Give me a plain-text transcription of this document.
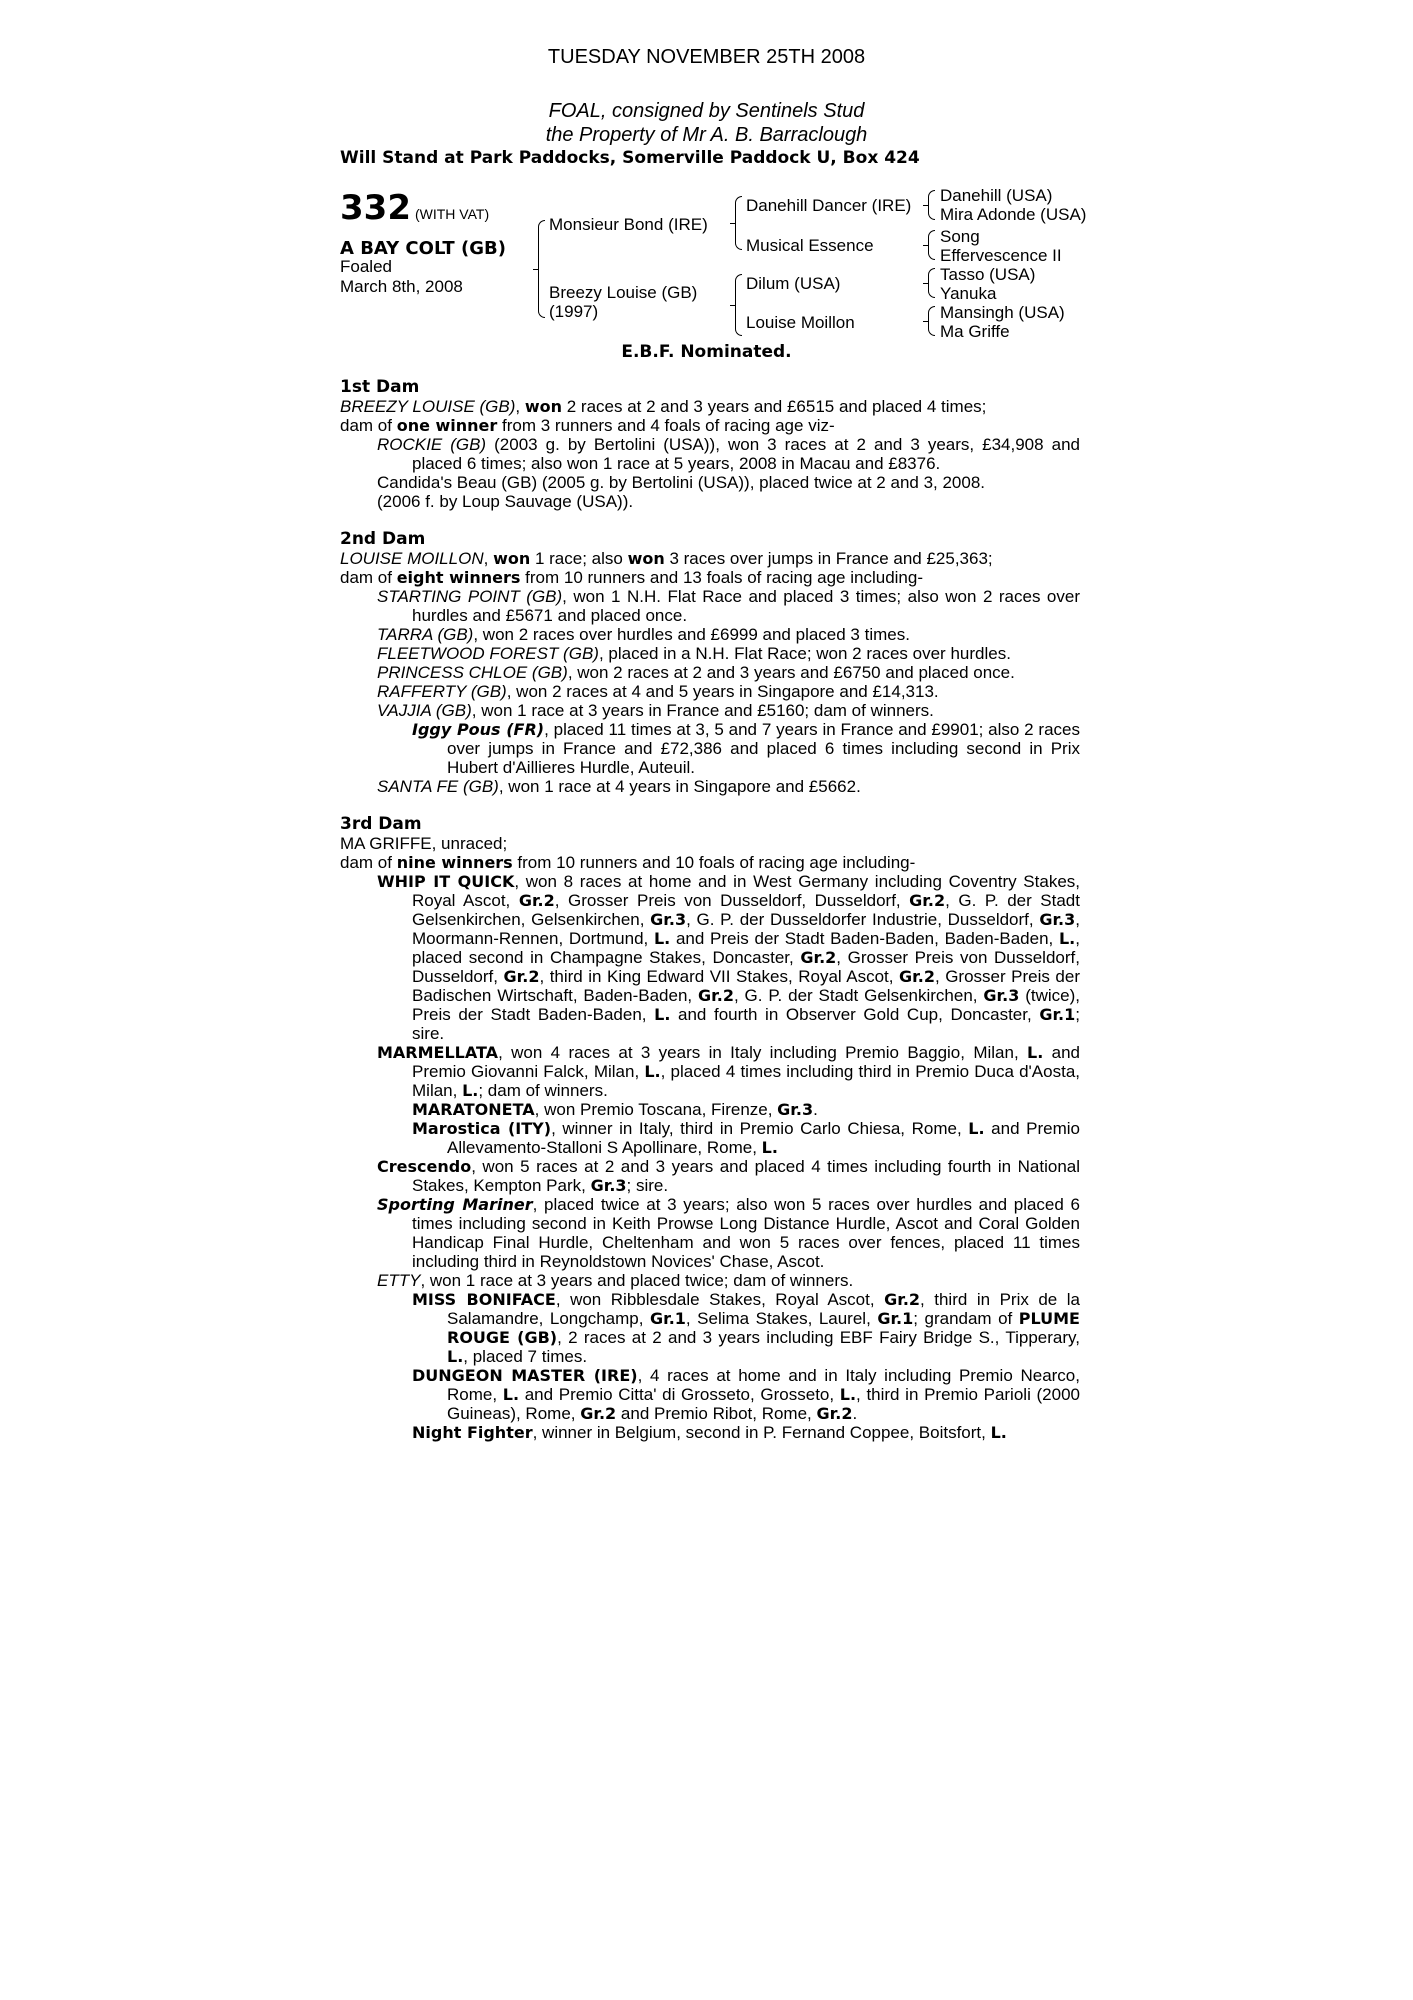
TUESDAY NOVEMBER 25TH 2008
FOAL, consigned by Sentinels Stud
the Property of Mr A. B. Barraclough
Will Stand at Park Paddocks, Somerville Paddock U, Box 424
332 (WITH VAT)
A BAY COLT (GB)
Foaled
March 8th, 2008
Monsieur Bond (IRE)
Breezy Louise (GB)
(1997)
Danehill Dancer (IRE)
Musical Essence
Dilum (USA)
Louise Moillon
Danehill (USA)
Mira Adonde (USA)
Song
Effervescence II
Tasso (USA)
Yanuka
Mansingh (USA)
Ma Griffe
E.B.F. Nominated.
1st Dam
BREEZY LOUISE (GB), won 2 races at 2 and 3 years and £6515 and placed 4 times;
dam of one winner from 3 runners and 4 foals of racing age viz-
ROCKIE (GB) (2003 g. by Bertolini (USA)), won 3 races at 2 and 3 years, £34,908 and placed 6 times; also won 1 race at 5 years, 2008 in Macau and £8376.
Candida's Beau (GB) (2005 g. by Bertolini (USA)), placed twice at 2 and 3, 2008.
(2006 f. by Loup Sauvage (USA)).
2nd Dam
LOUISE MOILLON, won 1 race; also won 3 races over jumps in France and £25,363;
dam of eight winners from 10 runners and 13 foals of racing age including-
STARTING POINT (GB), won 1 N.H. Flat Race and placed 3 times; also won 2 races over hurdles and £5671 and placed once.
TARRA (GB), won 2 races over hurdles and £6999 and placed 3 times.
FLEETWOOD FOREST (GB), placed in a N.H. Flat Race; won 2 races over hurdles.
PRINCESS CHLOE (GB), won 2 races at 2 and 3 years and £6750 and placed once.
RAFFERTY (GB), won 2 races at 4 and 5 years in Singapore and £14,313.
VAJJIA (GB), won 1 race at 3 years in France and £5160; dam of winners.
Iggy Pous (FR), placed 11 times at 3, 5 and 7 years in France and £9901; also 2 races over jumps in France and £72,386 and placed 6 times including second in Prix Hubert d'Aillieres Hurdle, Auteuil.
SANTA FE (GB), won 1 race at 4 years in Singapore and £5662.
3rd Dam
MA GRIFFE, unraced;
dam of nine winners from 10 runners and 10 foals of racing age including-
WHIP IT QUICK, won 8 races at home and in West Germany including Coventry Stakes, Royal Ascot, Gr.2, Grosser Preis von Dusseldorf, Dusseldorf, Gr.2, G. P. der Stadt Gelsenkirchen, Gelsenkirchen, Gr.3, G. P. der Dusseldorfer Industrie, Dusseldorf, Gr.3, Moormann-Rennen, Dortmund, L. and Preis der Stadt Baden-Baden, Baden-Baden, L., placed second in Champagne Stakes, Doncaster, Gr.2, Grosser Preis von Dusseldorf, Dusseldorf, Gr.2, third in King Edward VII Stakes, Royal Ascot, Gr.2, Grosser Preis der Badischen Wirtschaft, Baden-Baden, Gr.2, G. P. der Stadt Gelsenkirchen, Gr.3 (twice), Preis der Stadt Baden-Baden, L. and fourth in Observer Gold Cup, Doncaster, Gr.1; sire.
MARMELLATA, won 4 races at 3 years in Italy including Premio Baggio, Milan, L. and Premio Giovanni Falck, Milan, L., placed 4 times including third in Premio Duca d'Aosta, Milan, L.; dam of winners.
MARATONETA, won Premio Toscana, Firenze, Gr.3.
Marostica (ITY), winner in Italy, third in Premio Carlo Chiesa, Rome, L. and Premio Allevamento-Stalloni S Apollinare, Rome, L.
Crescendo, won 5 races at 2 and 3 years and placed 4 times including fourth in National Stakes, Kempton Park, Gr.3; sire.
Sporting Mariner, placed twice at 3 years; also won 5 races over hurdles and placed 6 times including second in Keith Prowse Long Distance Hurdle, Ascot and Coral Golden Handicap Final Hurdle, Cheltenham and won 5 races over fences, placed 11 times including third in Reynoldstown Novices' Chase, Ascot.
ETTY, won 1 race at 3 years and placed twice; dam of winners.
MISS BONIFACE, won Ribblesdale Stakes, Royal Ascot, Gr.2, third in Prix de la Salamandre, Longchamp, Gr.1, Selima Stakes, Laurel, Gr.1; grandam of PLUME ROUGE (GB), 2 races at 2 and 3 years including EBF Fairy Bridge S., Tipperary, L., placed 7 times.
DUNGEON MASTER (IRE), 4 races at home and in Italy including Premio Nearco, Rome, L. and Premio Citta' di Grosseto, Grosseto, L., third in Premio Parioli (2000 Guineas), Rome, Gr.2 and Premio Ribot, Rome, Gr.2.
Night Fighter, winner in Belgium, second in P. Fernand Coppee, Boitsfort, L.
